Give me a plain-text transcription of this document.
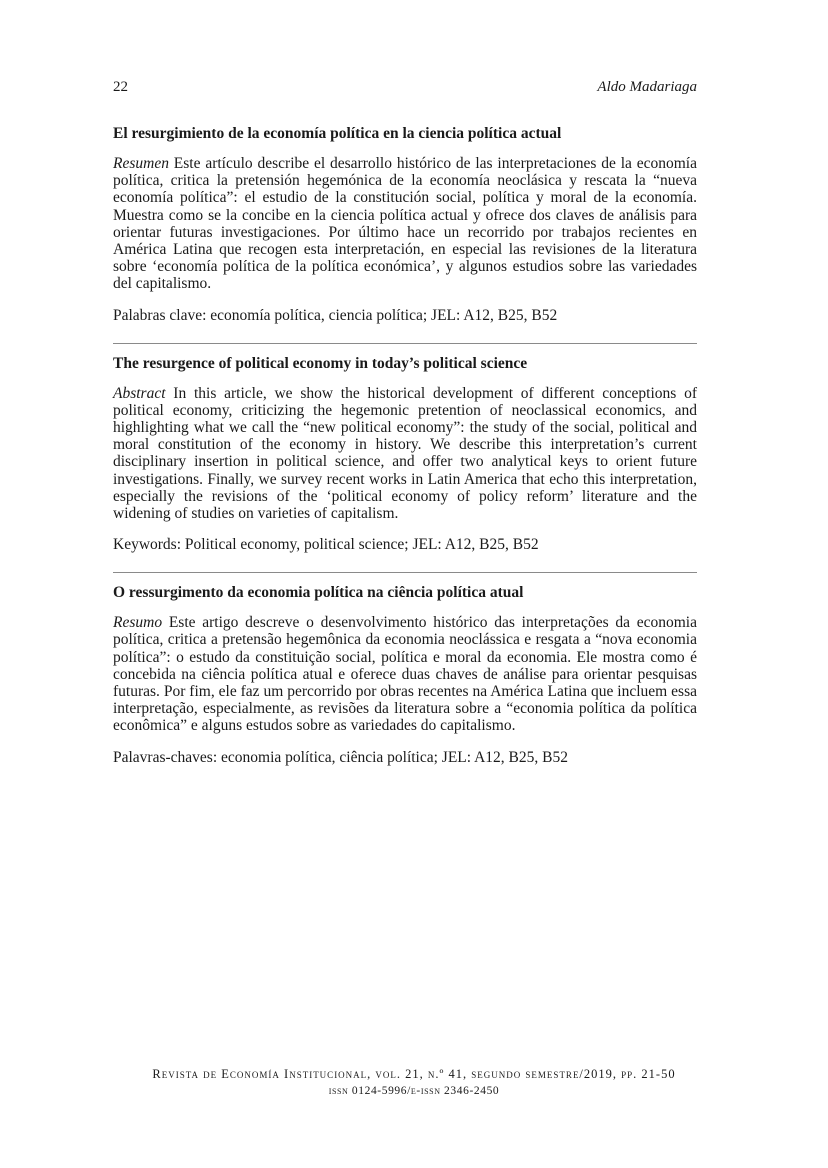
22	Aldo Madariaga
El resurgimiento de la economía política en la ciencia política actual

Resumen Este artículo describe el desarrollo histórico de las interpretaciones de la economía política, critica la pretensión hegemónica de la economía neoclásica y rescata la “nueva economía política”: el estudio de la constitución social, política y moral de la economía. Muestra como se la concibe en la ciencia política actual y ofrece dos claves de análisis para orientar futuras investigaciones. Por último hace un recorrido por trabajos recientes en América Latina que recogen esta interpretación, en especial las revisiones de la literatura sobre ‘economía política de la política económica’, y algunos estudios sobre las variedades del capitalismo.

Palabras clave: economía política, ciencia política; JEL: A12, B25, B52

The resurgence of political economy in today’s political science

Abstract In this article, we show the historical development of different conceptions of political economy, criticizing the hegemonic pretention of neoclassical economics, and highlighting what we call the “new political economy”: the study of the social, political and moral constitution of the economy in history. We describe this interpretation’s current disciplinary insertion in political science, and offer two analytical keys to orient future investigations. Finally, we survey recent works in Latin America that echo this interpretation, especially the revisions of the ‘political economy of policy reform’ literature and the widening of studies on varieties of capitalism.

Keywords: Political economy, political science; JEL: A12, B25, B52

O ressurgimento da economia política na ciência política atual

Resumo Este artigo descreve o desenvolvimento histórico das interpretações da economia política, critica a pretensão hegemônica da economia neoclássica e resgata a “nova economia política”: o estudo da constituição social, política e moral da economia. Ele mostra como é concebida na ciência política atual e oferece duas chaves de análise para orientar pesquisas futuras. Por fim, ele faz um percorrido por obras recentes na América Latina que incluem essa interpretação, especialmente, as revisões da literatura sobre a “economia política da política econômica” e alguns estudos sobre as variedades do capitalismo.

Palavras-chaves: economia política, ciência política; JEL: A12, B25, B52

Revista de Economía Institucional, vol. 21, n.º 41, segundo semestre/2019, pp. 21-50
issn 0124-5996/e-issn 2346-2450
